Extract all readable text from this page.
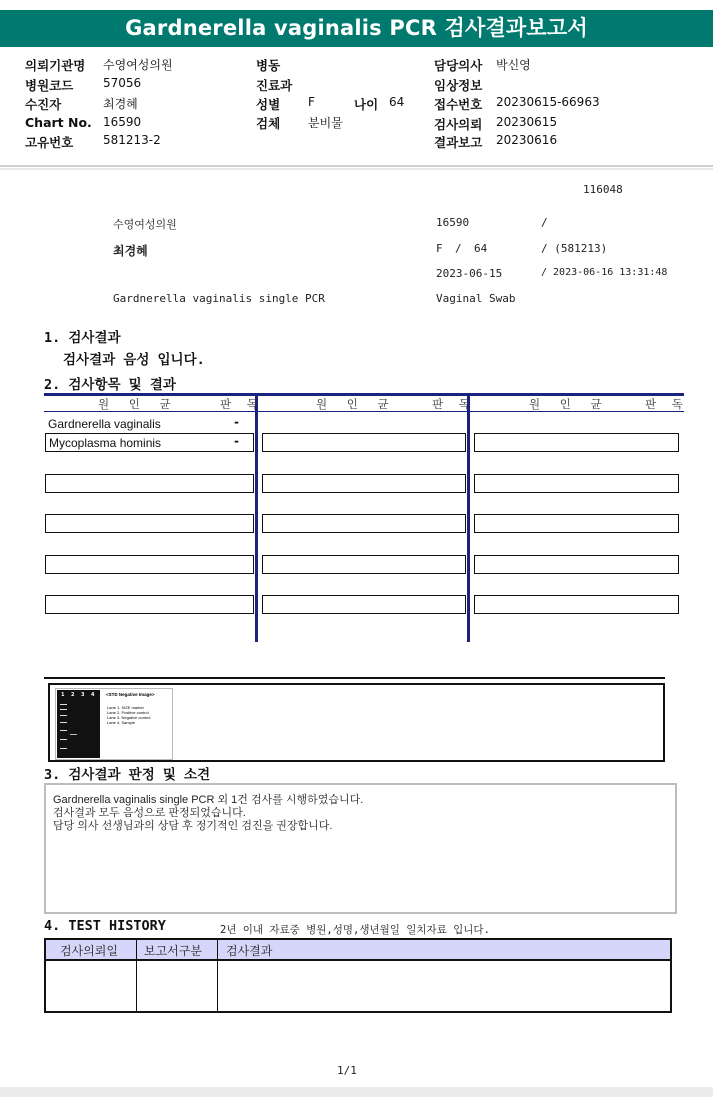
Gardnerella vaginalis PCR 검사결과보고서
의뢰기관명 수영여성의원
병원코드 57056
수진자	최경혜
Chart No. 16590
고유번호 581213-2
병동
진료과
성별 F	나이 64
검체 분비물
담당의사 박신영
임상정보
접수번호 20230615-66963
검사의뢰 20230615
결과보고 20230616
116048
수영여성의원	16590	/
최경혜	F / 64	/ (581213)
2023-06-15	/ 2023-06-16 13:31:48
Gardnerella vaginalis single PCR	Vaginal Swab
1. 검사결과
검사결과 음성 입니다.
2. 검사항목 및 결과
원 인 균	판 독	원 인 균	판 독	원 인 균	판 독
Gardnerella vaginalis	-
Mycoplasma hominis	-
1 2 3 4	<STD Negative Image>
Lane 1. SIZE marker
Lane 2. Positive control
Lane 3. Negative control
Lane 4. Sample
3. 검사결과 판정 및 소견
Gardnerella vaginalis single PCR 외 1건 검사를 시행하였습니다.
검사결과 모두 음성으로 판정되었습니다.
담당 의사 선생님과의 상담 후 정기적인 검진을 권장합니다.
4. TEST HISTORY	2년 이내 자료중 병원,성명,생년월일 일치자료 입니다.
검사의뢰일 보고서구분 검사결과
1/1
